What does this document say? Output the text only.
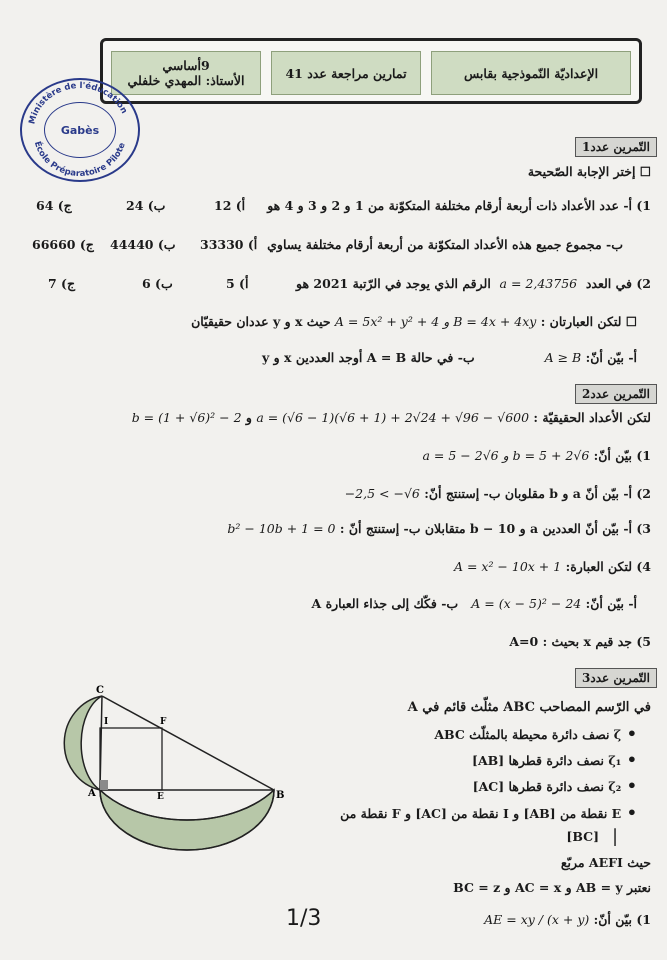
الإعداديّة النّموذجية بقابس
تمارين مراجعة عدد 41
9أساسي
الأستاذ: المهدي خلفلي
Ministère de l'éducation
École Préparatoire Pilote
Gabès
التّمرين عدد1
☐ إختر الإجابة الصّحيحة
1) أ- عدد الأعداد ذات أربعة أرقام مختلفة المتكوّنة من 1 و 2 و 3 و 4 هو
أ) 12
ب) 24
ج) 64
ب- مجموع جميع هذه الأعداد المتكوّنة من أربعة أرقام مختلفة يساوي
أ) 33330
ب) 44440
ج) 66660
2) في العدد  a = 2,43756  الرقم الذي يوجد في الرّتبة 2021 هو
أ) 5
ب) 6
ج) 7
☐ لتكن العبارتان : A = 5x² + y² + 4 و B = 4x + 4xy حيث x و y عددان حقيقيّان
أ- بيّن أنّ: A ≥ B
ب- في حالة A = B أوجد العددين x و y
التّمرين عدد2
لتكن الأعداد الحقيقيّة : a = (√6 − 1)(√6 + 1) + 2√24 + √96 − √600 و b = (1 + √6)² − 2
1) بيّن أنّ: a = 5 − 2√6 و b = 5 + 2√6
2) أ- بيّن أنّ a و b مقلوبان ب- إستنتج أنّ: −2,5 < −√6
3) أ- بيّن أنّ العددين a و 10 − b متقابلان ب- إستنتج أنّ : b² − 10b + 1 = 0
4) لتكن العبارة: A = x² − 10x + 1
أ- بيّن أنّ: A = (x − 5)² − 24   ب- فكّك إلى جذاء العبارة A
5) جد قيم x بحيث : A=0
التّمرين عدد3
في الرّسم المصاحب ABC مثلّث قائم في A
• ζ نصف دائرة محيطة بالمثلّث ABC
• ζ₁ نصف دائرة قطرها [AB]
• ζ₂ نصف دائرة قطرها [AC]
• E نقطة من [AB] و I نقطة من [AC] و F نقطة من
[BC]
حيث AEFI مربّع
نعتبر AB = y و AC = x و BC = z
1) بيّن أنّ: AE = xy / (x + y)
C
I	F
A	E	B
|
1/3
